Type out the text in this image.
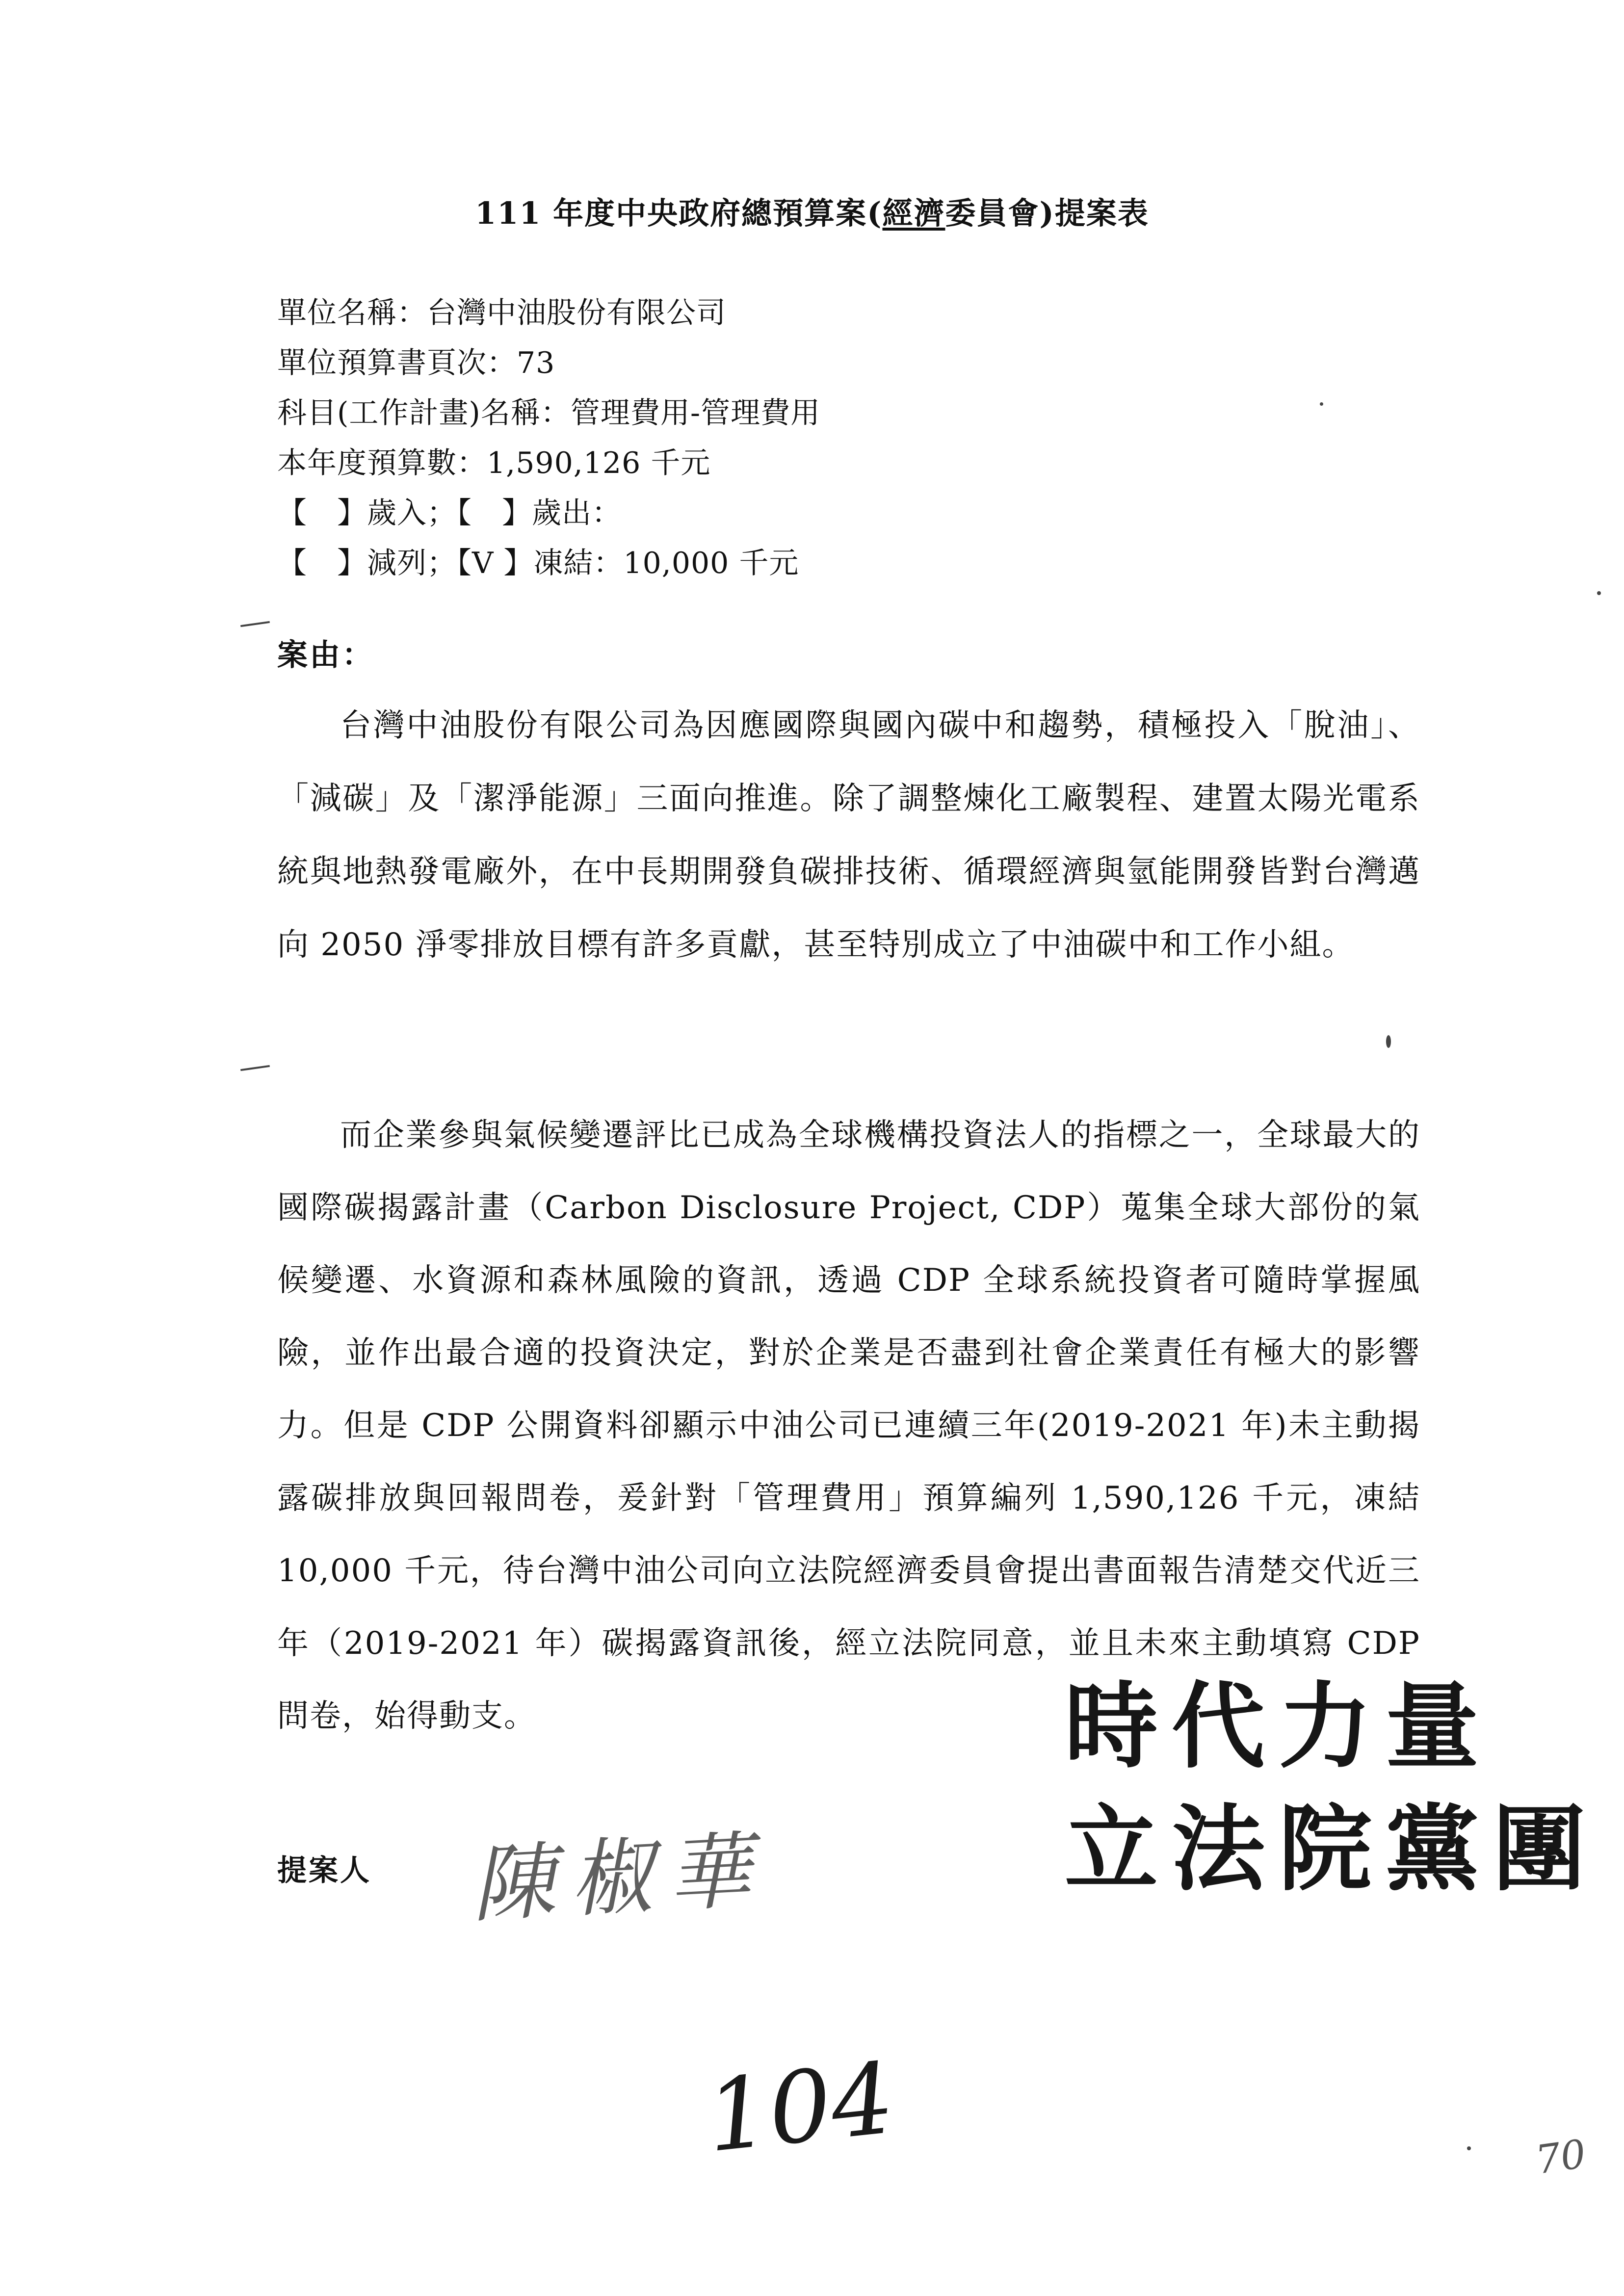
111 年度中央政府總預算案(經濟委員會)提案表
單位名稱：台灣中油股份有限公司
單位預算書頁次：73
科目(工作計畫)名稱：管理費用-管理費用
本年度預算數：1,590,126 千元
【　】歲入；【　】歲出：
【　】減列；【V 】凍結：10,000 千元
案由：

台灣中油股份有限公司為因應國際與國內碳中和趨勢，積極投入「脫油」、「減碳」及「潔淨能源」三面向推進。除了調整煉化工廠製程、建置太陽光電系統與地熱發電廠外，在中長期開發負碳排技術、循環經濟與氫能開發皆對台灣邁向 2050 淨零排放目標有許多貢獻，甚至特別成立了中油碳中和工作小組。

而企業參與氣候變遷評比已成為全球機構投資法人的指標之一，全球最大的國際碳揭露計畫（Carbon Disclosure Project, CDP）蒐集全球大部份的氣候變遷、水資源和森林風險的資訊，透過 CDP 全球系統投資者可隨時掌握風險，並作出最合適的投資決定，對於企業是否盡到社會企業責任有極大的影響力。但是 CDP 公開資料卻顯示中油公司已連續三年(2019-2021 年)未主動揭露碳排放與回報問卷，爰針對「管理費用」預算編列 1,590,126 千元，凍結 10,000 千元，待台灣中油公司向立法院經濟委員會提出書面報告清楚交代近三年（2019-2021 年）碳揭露資訊後，經立法院同意，並且未來主動填寫 CDP 問卷，始得動支。

提案人 陳椒華
時代力量
立法院黨團
104	70
